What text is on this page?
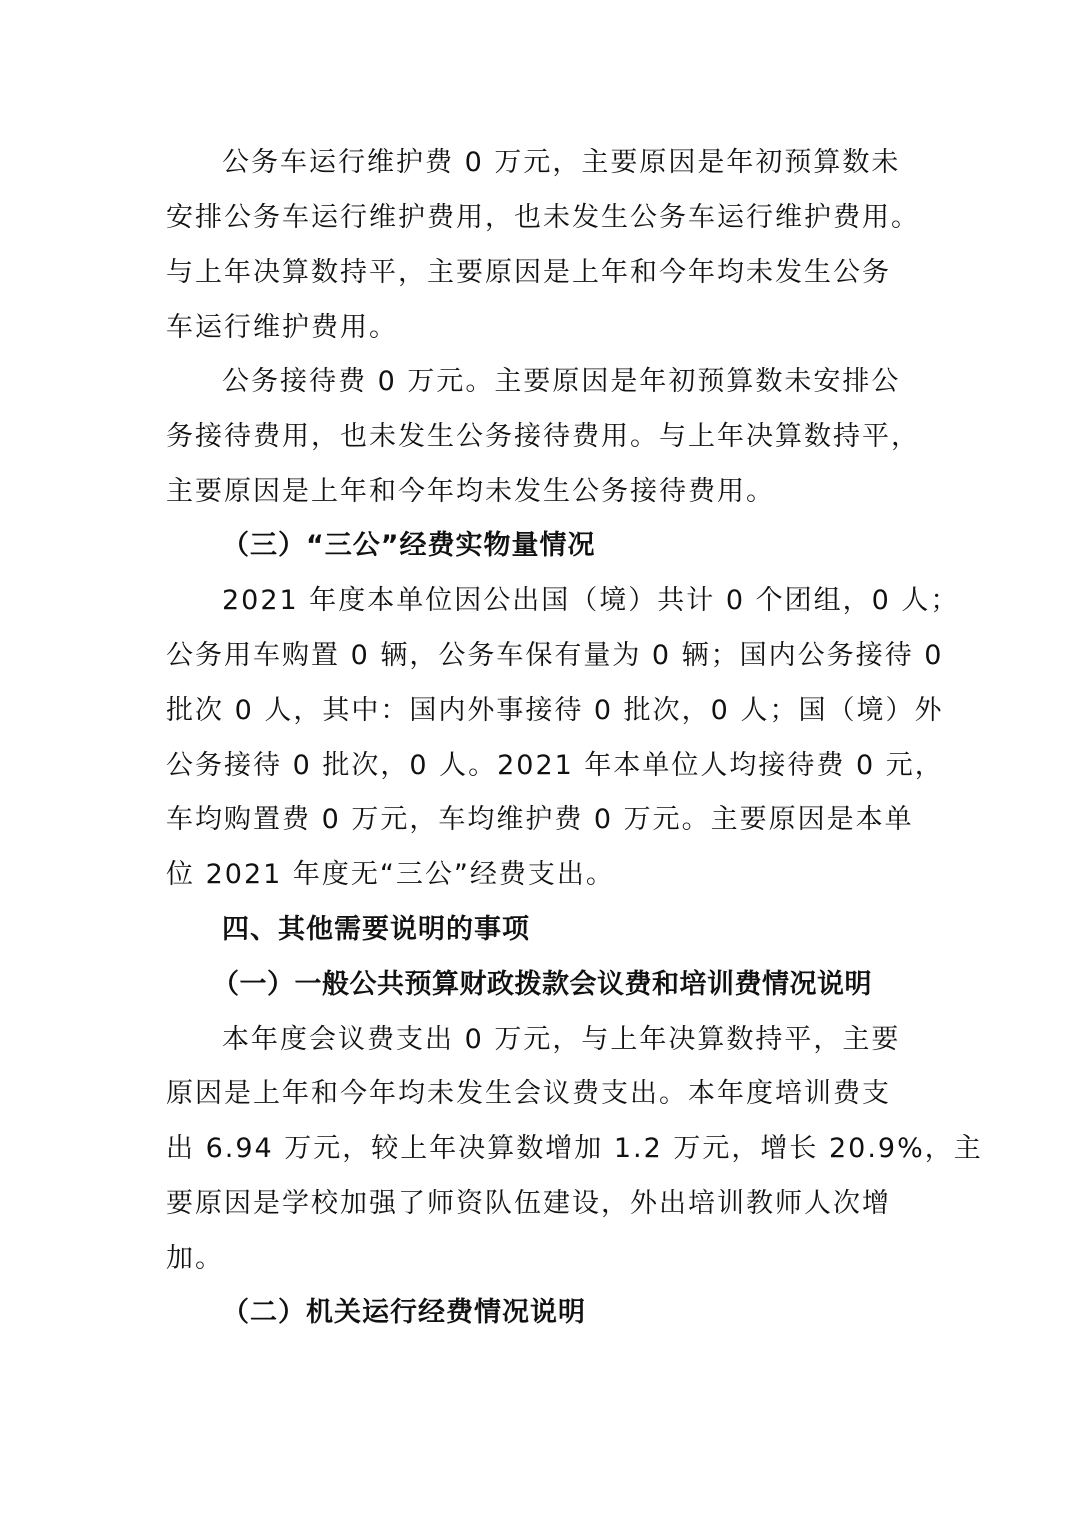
公务车运行维护费 0 万元，主要原因是年初预算数未
安排公务车运行维护费用，也未发生公务车运行维护费用。
与上年决算数持平，主要原因是上年和今年均未发生公务
车运行维护费用。
公务接待费 0 万元。主要原因是年初预算数未安排公
务接待费用，也未发生公务接待费用。与上年决算数持平，
主要原因是上年和今年均未发生公务接待费用。
（三）“三公”经费实物量情况
2021 年度本单位因公出国（境）共计 0 个团组，0 人；
公务用车购置 0 辆，公务车保有量为 0 辆；国内公务接待 0
批次 0 人，其中：国内外事接待 0 批次，0 人；国（境）外
公务接待 0 批次，0 人。2021 年本单位人均接待费 0 元，
车均购置费 0 万元，车均维护费 0 万元。主要原因是本单
位 2021 年度无“三公”经费支出。
四、其他需要说明的事项
（一）一般公共预算财政拨款会议费和培训费情况说明
本年度会议费支出 0 万元，与上年决算数持平，主要
原因是上年和今年均未发生会议费支出。本年度培训费支
出 6.94 万元，较上年决算数增加 1.2 万元，增长 20.9%，主
要原因是学校加强了师资队伍建设，外出培训教师人次增
加。
（二）机关运行经费情况说明
